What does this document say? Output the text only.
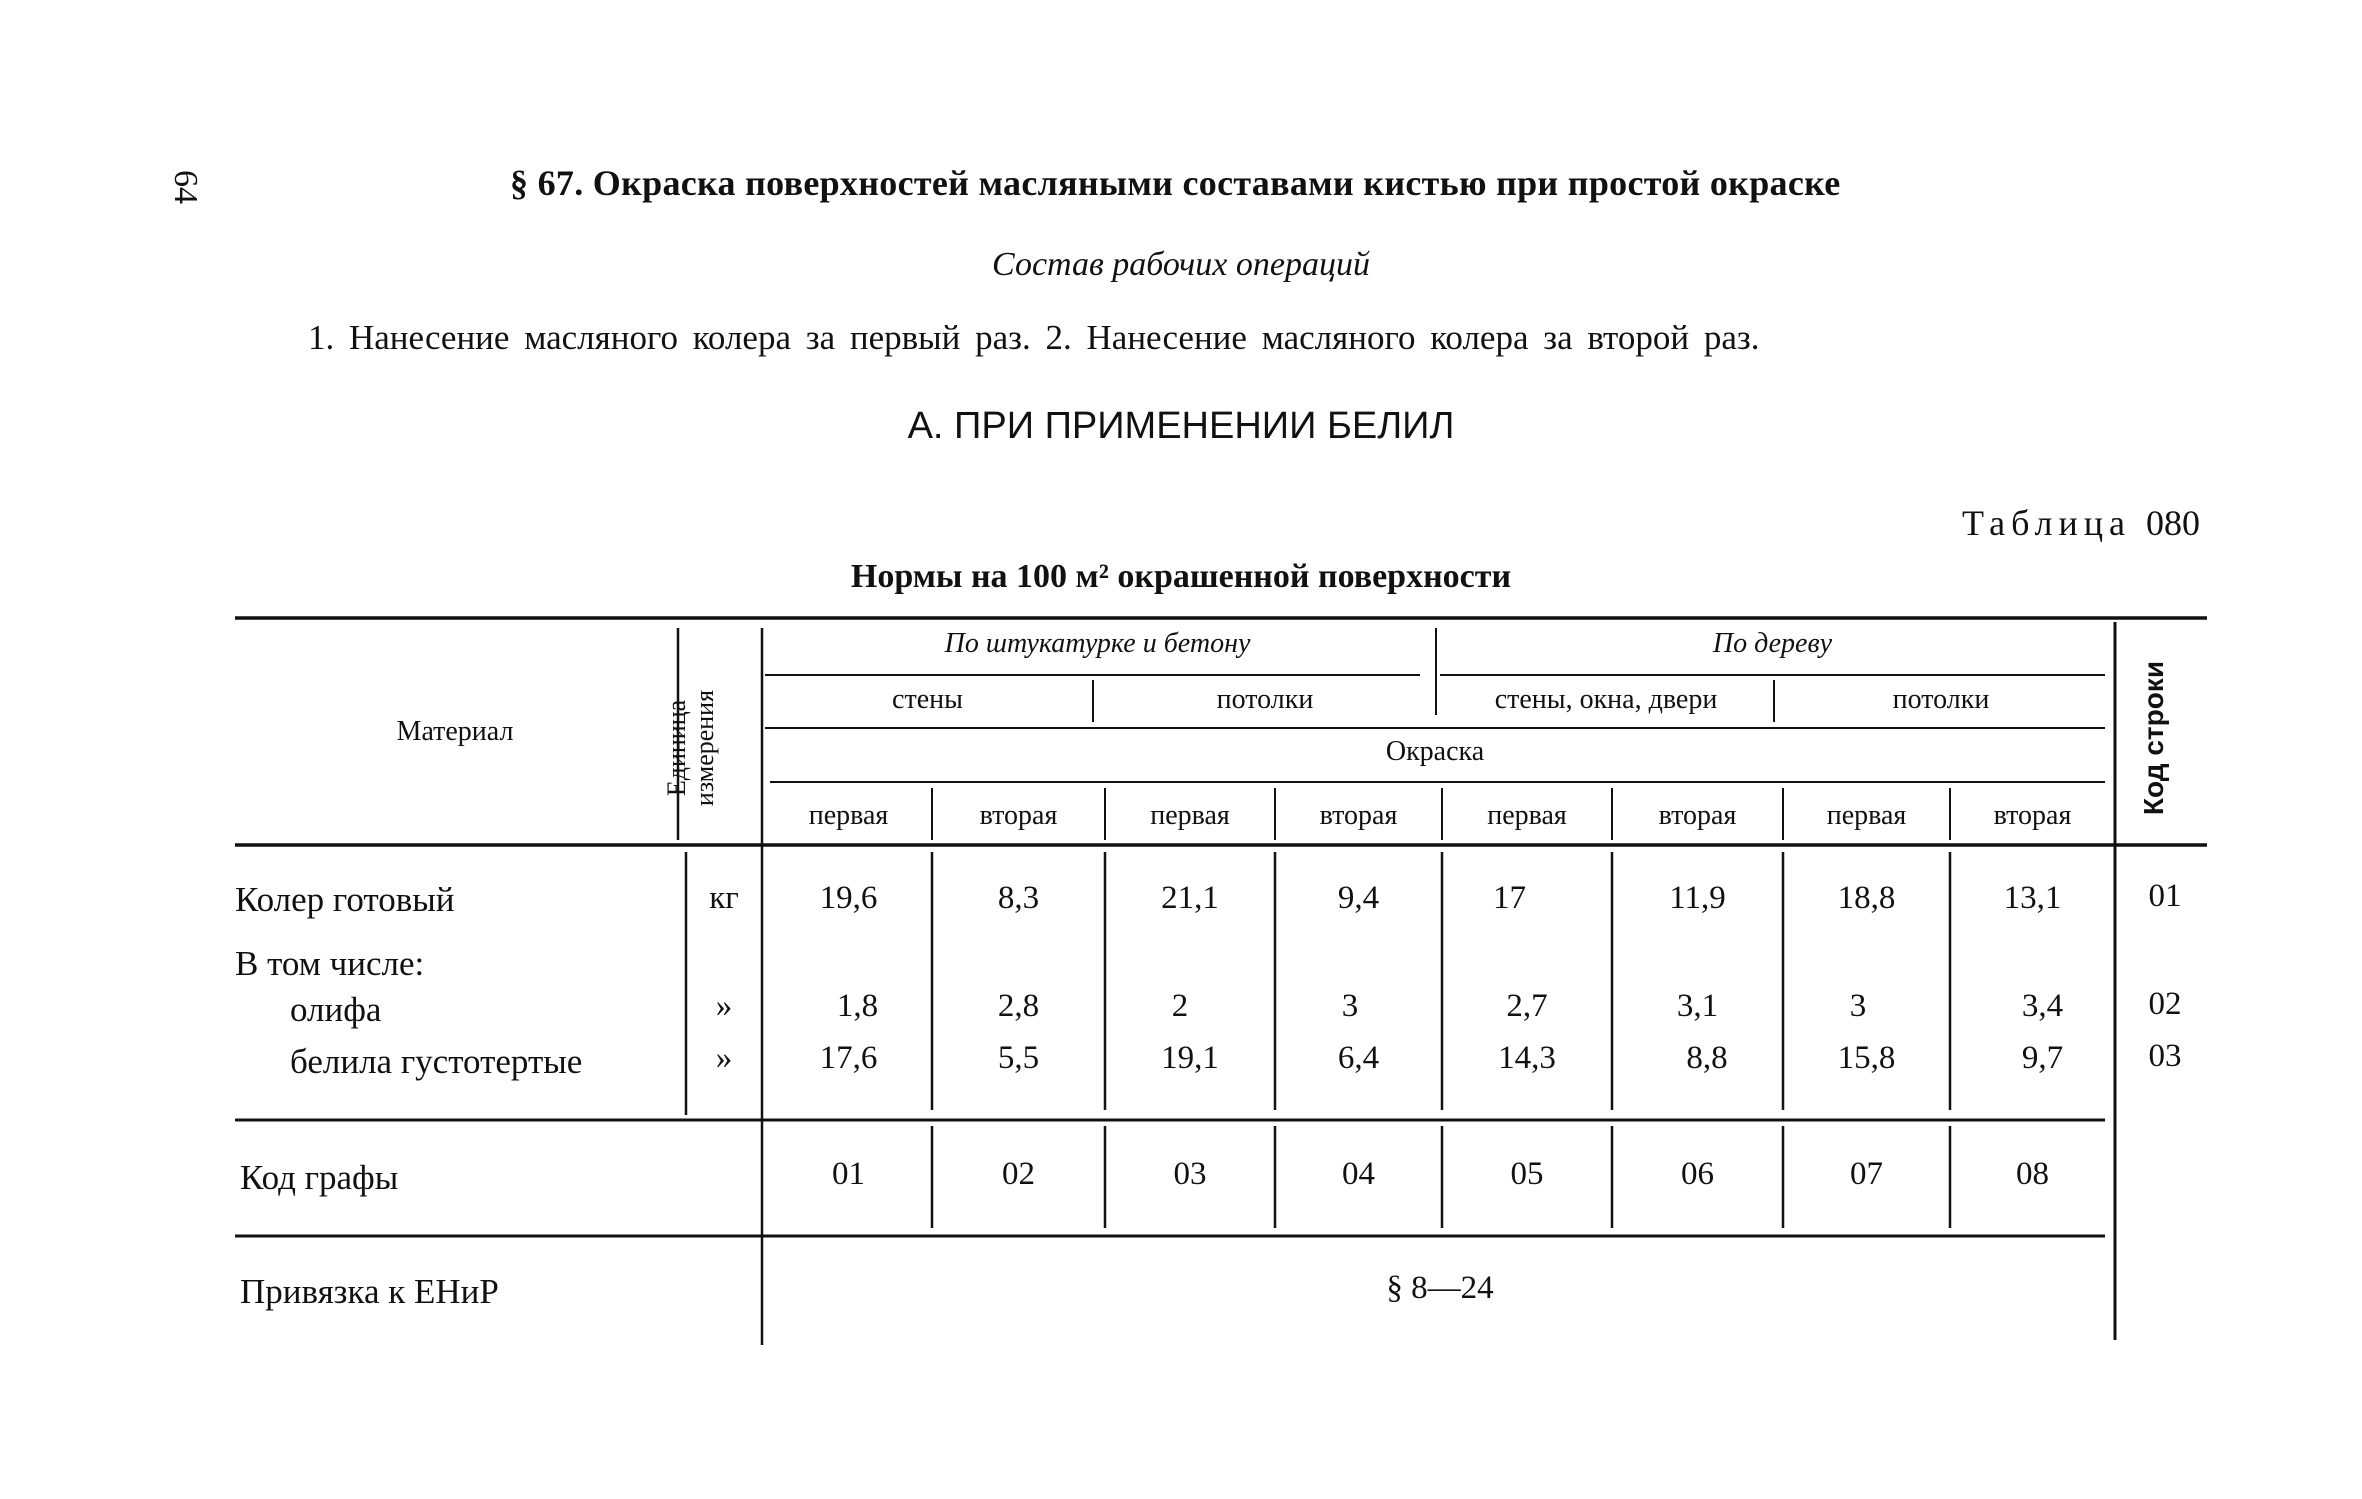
64	§ 67. Окраска поверхностей масляными составами кистью при простой окраске
Состав рабочих операций
1. Нанесение масляного колера за первый раз. 2. Нанесение масляного колера за второй раз.
А. ПРИ ПРИМЕНЕНИИ БЕЛИЛ
Таблица 080
Нормы на 100 м² окрашенной поверхности
Материал	Единица измерения	Код строки
По штукатурке и бетону	По дереву
стены	потолки	стены, окна, двери	потолки
Окраска
первая	вторая	первая	вторая	первая	вторая	первая	вторая
Колер готовый	кг	19,6	8,3	21,1	9,4	17	11,9	18,8	13,1	01
В том числе:
олифа	»	1,8	2,8	2	3	2,7	3,1	3	3,4	02
белила густотертые	»	17,6	5,5	19,1	6,4	14,3	8,8	15,8	9,7	03
Код графы	01	02	03	04	05	06	07	08
Привязка к ЕНиР	§ 8—24
